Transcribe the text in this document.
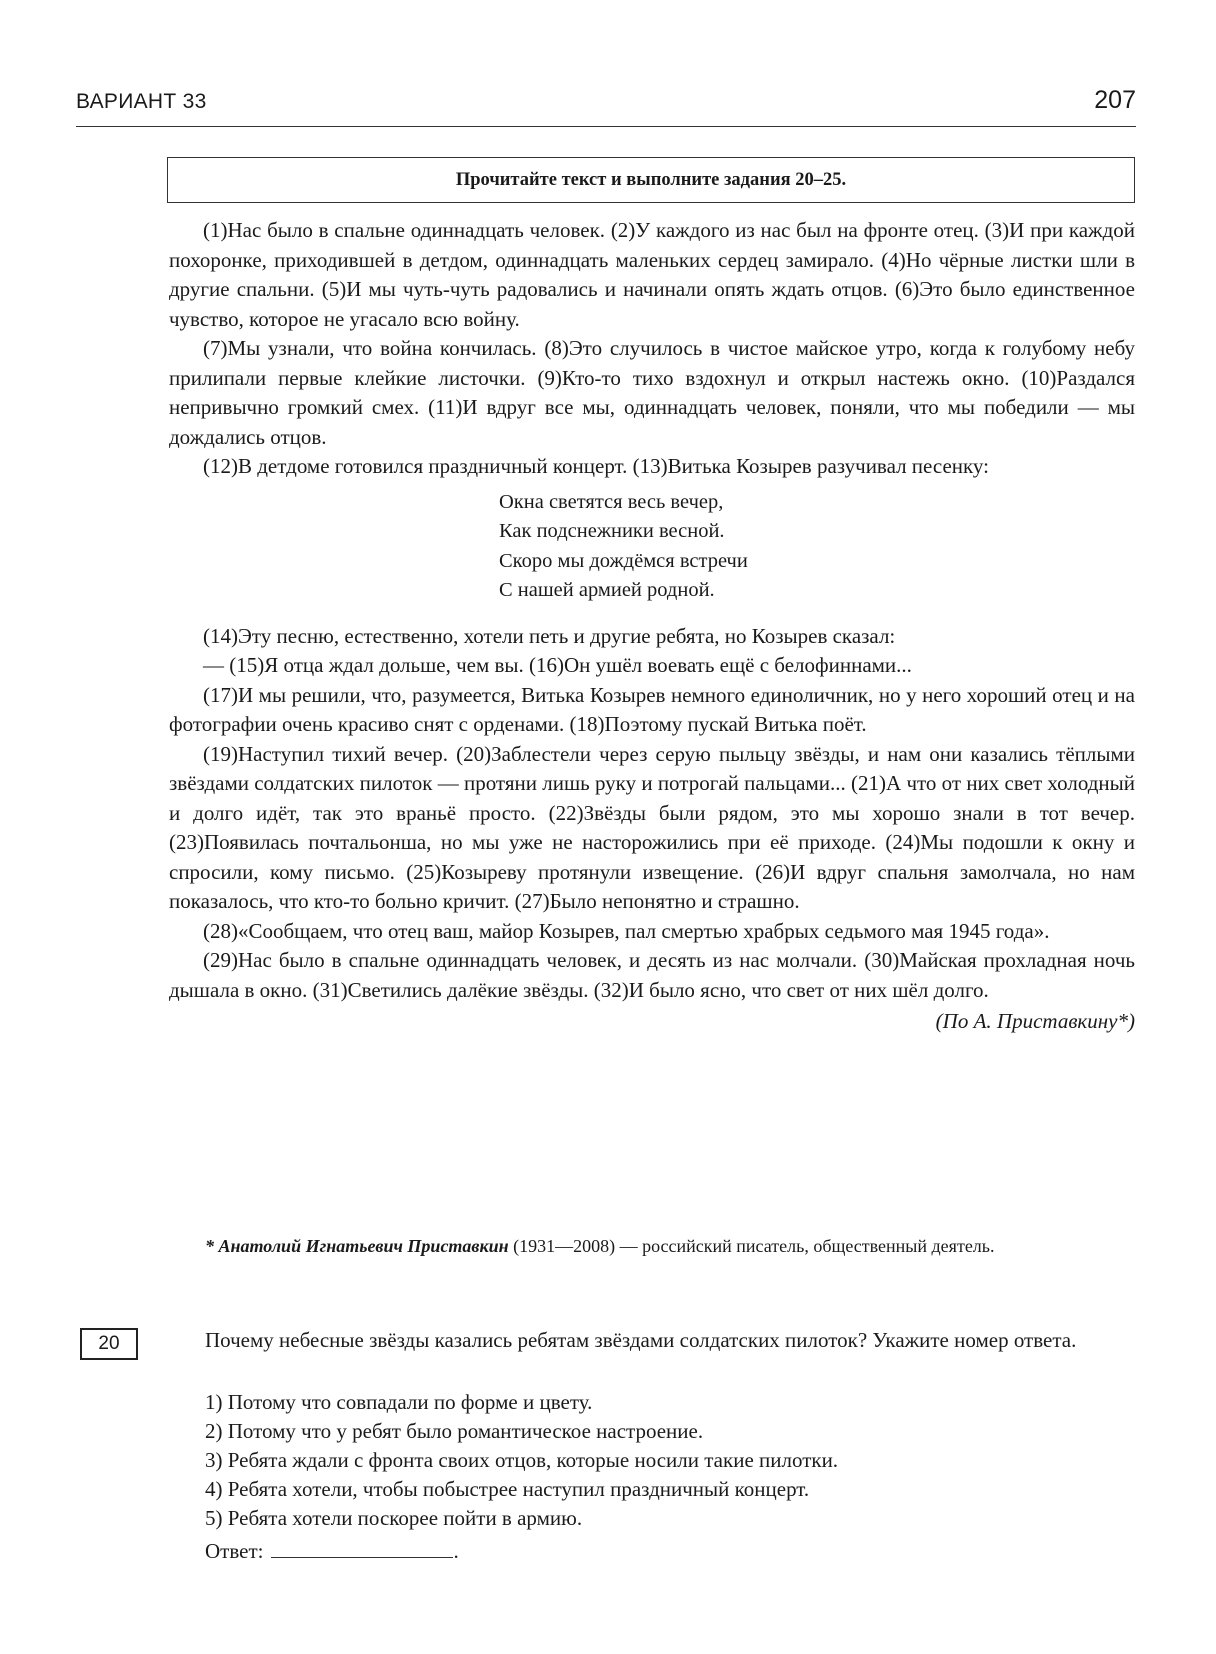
ВАРИАНТ 33	207
Прочитайте текст и выполните задания 20–25.

(1)Нас было в спальне одиннадцать человек. (2)У каждого из нас был на фронте отец. (3)И при каждой похоронке, приходившей в детдом, одиннадцать маленьких сердец замирало. (4)Но чёрные листки шли в другие спальни. (5)И мы чуть-чуть радовались и начинали опять ждать отцов. (6)Это было единственное чувство, которое не угасало всю войну.

(7)Мы узнали, что война кончилась. (8)Это случилось в чистое майское утро, когда к голубому небу прилипали первые клейкие листочки. (9)Кто-то тихо вздохнул и открыл настежь окно. (10)Раздался непривычно громкий смех. (11)И вдруг все мы, одиннадцать человек, поняли, что мы победили — мы дождались отцов.

(12)В детдоме готовился праздничный концерт. (13)Витька Козырев разучивал песенку:

Окна светятся весь вечер,
Как подснежники весной.
Скоро мы дождёмся встречи
С нашей армией родной.

(14)Эту песню, естественно, хотели петь и другие ребята, но Козырев сказал:

— (15)Я отца ждал дольше, чем вы. (16)Он ушёл воевать ещё с белофиннами...

(17)И мы решили, что, разумеется, Витька Козырев немного единоличник, но у него хороший отец и на фотографии очень красиво снят с орденами. (18)Поэтому пускай Витька поёт.

(19)Наступил тихий вечер. (20)Заблестели через серую пыльцу звёзды, и нам они казались тёплыми звёздами солдатских пилоток — протяни лишь руку и потрогай пальцами... (21)А что от них свет холодный и долго идёт, так это враньё просто. (22)Звёзды были рядом, это мы хорошо знали в тот вечер. (23)Появилась почтальонша, но мы уже не насторожились при её приходе. (24)Мы подошли к окну и спросили, кому письмо. (25)Козыреву протянули извещение. (26)И вдруг спальня замолчала, но нам показалось, что кто-то больно кричит. (27)Было непонятно и страшно.

(28)«Сообщаем, что отец ваш, майор Козырев, пал смертью храбрых седьмого мая 1945 года».

(29)Нас было в спальне одиннадцать человек, и десять из нас молчали. (30)Майская прохладная ночь дышала в окно. (31)Светились далёкие звёзды. (32)И было ясно, что свет от них шёл долго.

(По А. Приставкину*)
* Анатолий Игнатьевич Приставкин (1931—2008) — российский писатель, общественный деятель.
20	Почему небесные звёзды казались ребятам звёздами солдатских пилоток? Укажите номер ответа.
1) Потому что совпадали по форме и цвету.
2) Потому что у ребят было романтическое настроение.
3) Ребята ждали с фронта своих отцов, которые носили такие пилотки.
4) Ребята хотели, чтобы побыстрее наступил праздничный концерт.
5) Ребята хотели поскорее пойти в армию.
Ответ:	.
